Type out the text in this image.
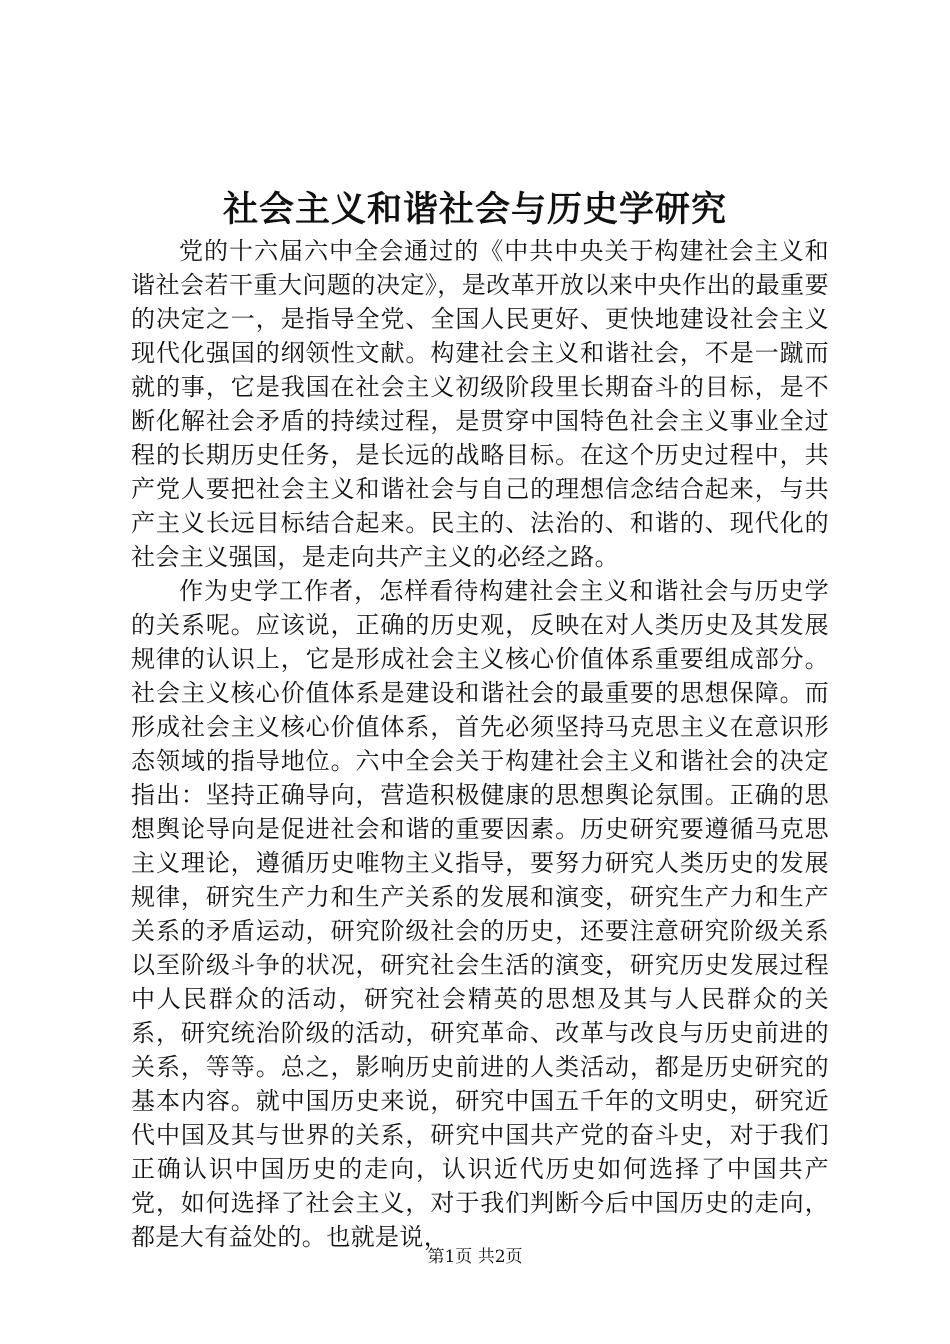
社会主义和谐社会与历史学研究

党的十六届六中全会通过的《中共中央关于构建社会主义和谐社会若干重大问题的决定》，是改革开放以来中央作出的最重要的决定之一，是指导全党、全国人民更好、更快地建设社会主义现代化强国的纲领性文献。构建社会主义和谐社会，不是一蹴而就的事，它是我国在社会主义初级阶段里长期奋斗的目标，是不断化解社会矛盾的持续过程，是贯穿中国特色社会主义事业全过程的长期历史任务，是长远的战略目标。在这个历史过程中，共产党人要把社会主义和谐社会与自己的理想信念结合起来，与共产主义长远目标结合起来。民主的、法治的、和谐的、现代化的社会主义强国，是走向共产主义的必经之路。

作为史学工作者，怎样看待构建社会主义和谐社会与历史学的关系呢。应该说，正确的历史观，反映在对人类历史及其发展规律的认识上，它是形成社会主义核心价值体系重要组成部分。社会主义核心价值体系是建设和谐社会的最重要的思想保障。而形成社会主义核心价值体系，首先必须坚持马克思主义在意识形态领域的指导地位。六中全会关于构建社会主义和谐社会的决定指出：坚持正确导向，营造积极健康的思想舆论氛围。正确的思想舆论导向是促进社会和谐的重要因素。历史研究要遵循马克思主义理论，遵循历史唯物主义指导，要努力研究人类历史的发展规律，研究生产力和生产关系的发展和演变，研究生产力和生产关系的矛盾运动，研究阶级社会的历史，还要注意研究阶级关系以至阶级斗争的状况，研究社会生活的演变，研究历史发展过程中人民群众的活动，研究社会精英的思想及其与人民群众的关系，研究统治阶级的活动，研究革命、改革与改良与历史前进的关系，等等。总之，影响历史前进的人类活动，都是历史研究的基本内容。就中国历史来说，研究中国五千年的文明史，研究近代中国及其与世界的关系，研究中国共产党的奋斗史，对于我们正确认识中国历史的走向，认识近代历史如何选择了中国共产党，如何选择了社会主义，对于我们判断今后中国历史的走向，都是大有益处的。也就是说，

第1页 共2页
